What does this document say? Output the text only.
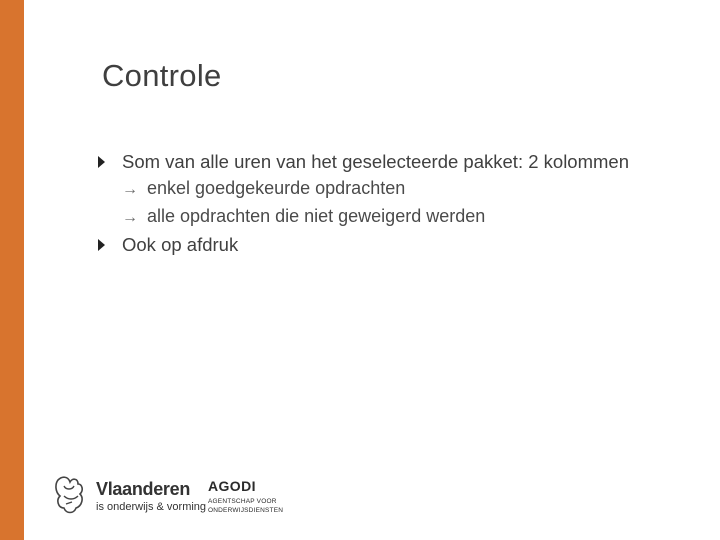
Controle
Som van alle uren van het geselecteerde pakket: 2 kolommen
→ enkel goedgekeurde opdrachten
→ alle opdrachten die niet geweigerd werden
Ook op afdruk
Vlaanderen
is onderwijs & vorming
AGODI
AGENTSCHAP VOOR ONDERWIJSDIENSTEN
